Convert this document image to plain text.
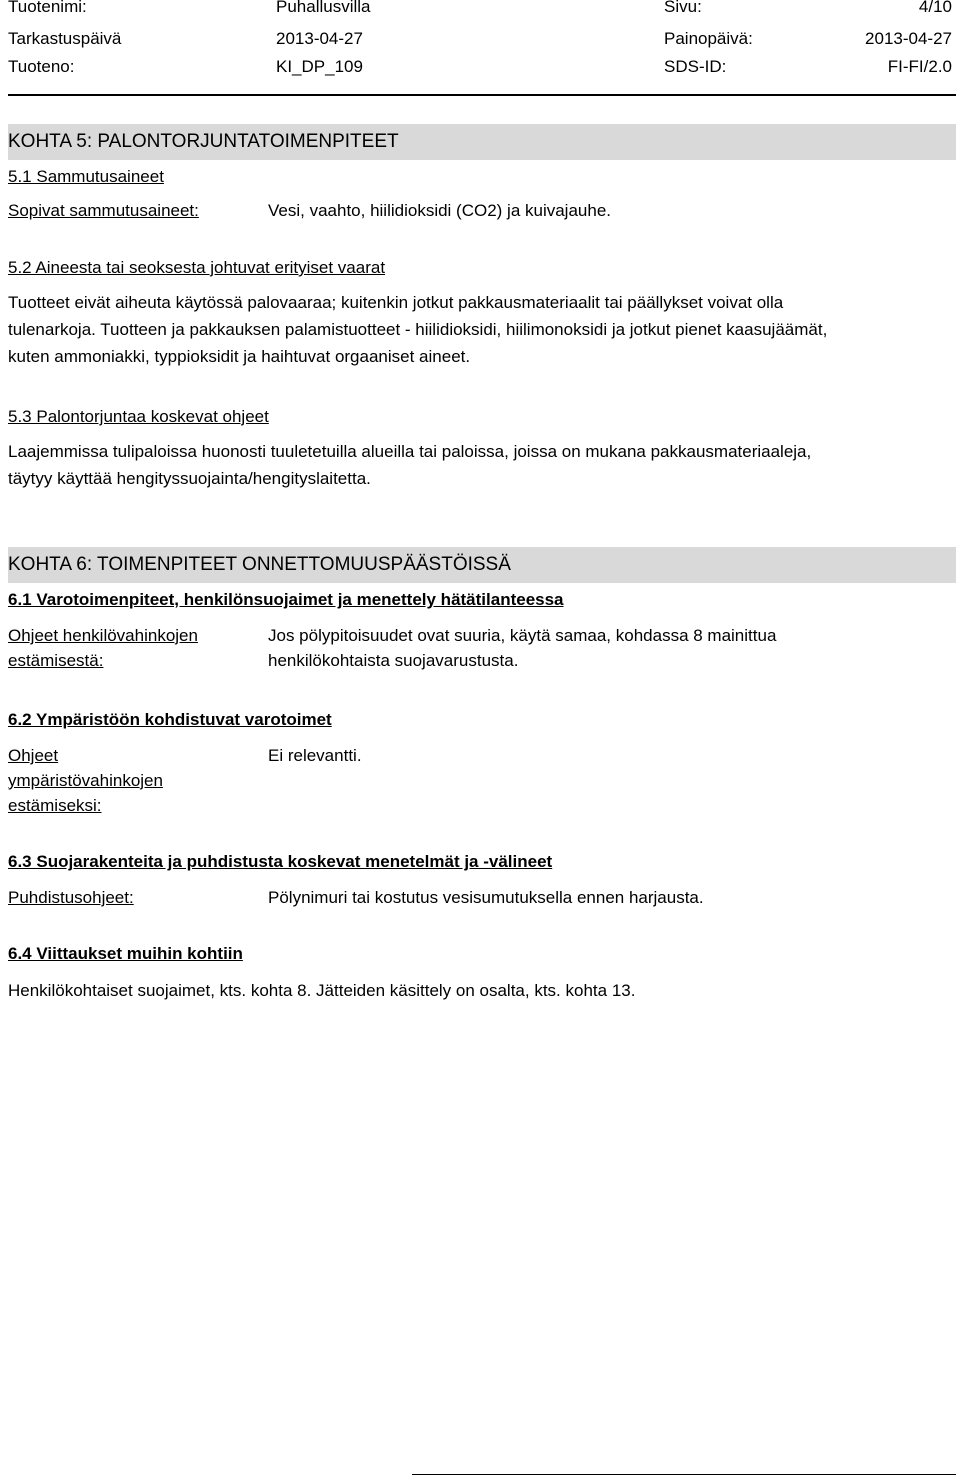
Tuotenimi:	Puhallusvilla	Sivu:	4/10
Tarkastuspäivä	2013-04-27	Painopäivä:	2013-04-27
Tuoteno:	KI_DP_109	SDS-ID:	FI-FI/2.0
KOHTA 5: PALONTORJUNTATOIMENPITEET
5.1 Sammutusaineet
Sopivat sammutusaineet:	Vesi, vaahto, hiilidioksidi (CO2) ja kuivajauhe.
5.2 Aineesta tai seoksesta johtuvat erityiset vaarat

Tuotteet eivät aiheuta käytössä palovaaraa; kuitenkin jotkut pakkausmateriaalit tai päällykset voivat olla

tulenarkoja. Tuotteen ja pakkauksen palamistuotteet - hiilidioksidi, hiilimonoksidi ja jotkut pienet kaasujäämät,

kuten ammoniakki, typpioksidit ja haihtuvat orgaaniset aineet.

5.3 Palontorjuntaa koskevat ohjeet

Laajemmissa tulipaloissa huonosti tuuletetuilla alueilla tai paloissa, joissa on mukana pakkausmateriaaleja,

täytyy käyttää hengityssuojainta/hengityslaitetta.

KOHTA 6: TOIMENPITEET ONNETTOMUUSPÄÄSTÖISSÄ
6.1 Varotoimenpiteet, henkilönsuojaimet ja menettely hätätilanteessa
Ohjeet henkilövahinkojen
estämisestä:
Jos pölypitoisuudet ovat suuria, käytä samaa, kohdassa 8 mainittua
henkilökohtaista suojavarustusta.
6.2 Ympäristöön kohdistuvat varotoimet
Ohjeet
ympäristövahinkojen
estämiseksi:
Ei relevantti.
6.3 Suojarakenteita ja puhdistusta koskevat menetelmät ja -välineet
Puhdistusohjeet:	Pölynimuri tai kostutus vesisumutuksella ennen harjausta.
6.4 Viittaukset muihin kohtiin

Henkilökohtaiset suojaimet, kts. kohta 8. Jätteiden käsittely on osalta, kts. kohta 13.
